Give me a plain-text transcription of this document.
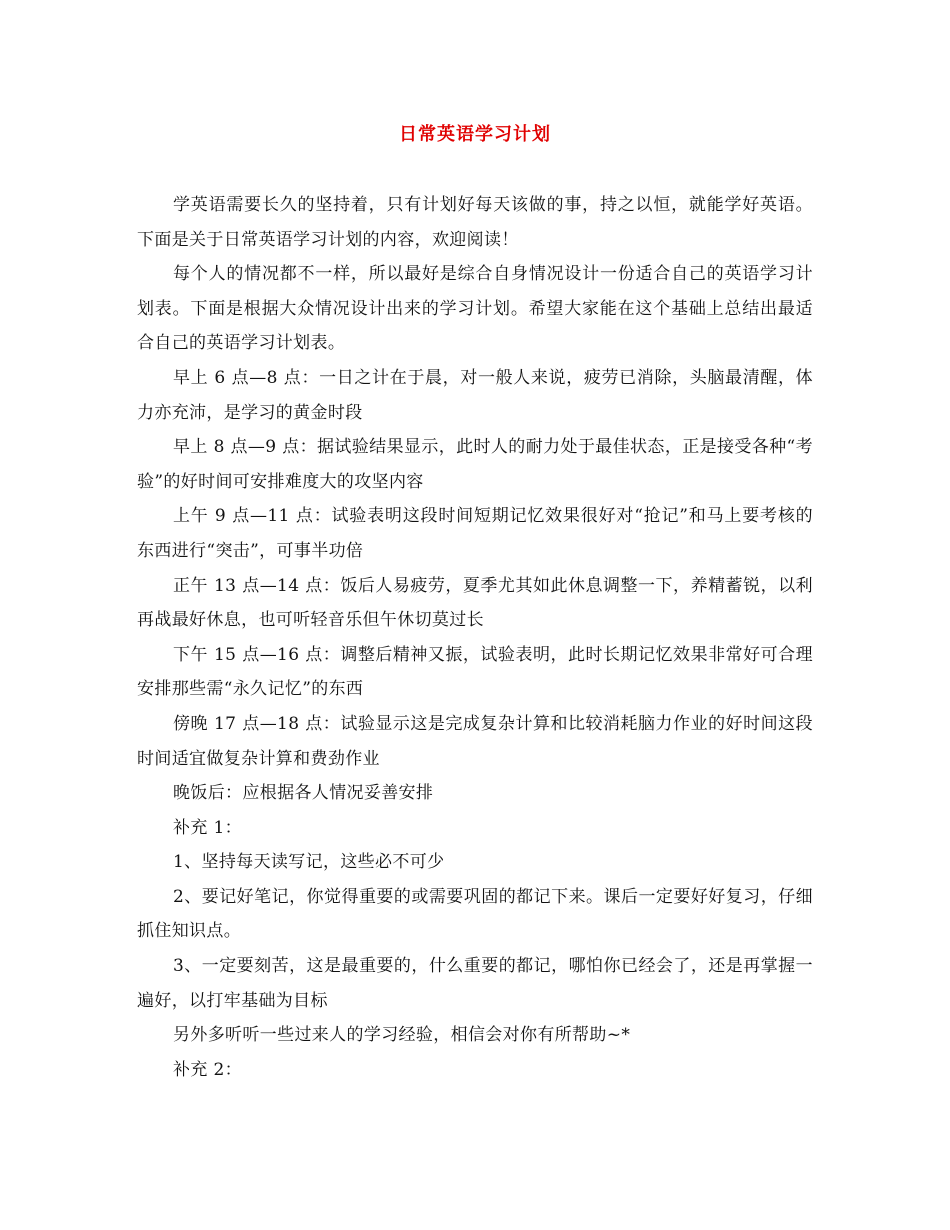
日常英语学习计划

学英语需要长久的坚持着，只有计划好每天该做的事，持之以恒，就能学好英语。下面是关于日常英语学习计划的内容，欢迎阅读！

每个人的情况都不一样，所以最好是综合自身情况设计一份适合自己的英语学习计划表。下面是根据大众情况设计出来的学习计划。希望大家能在这个基础上总结出最适合自己的英语学习计划表。

早上 6 点—8 点：一日之计在于晨，对一般人来说，疲劳已消除，头脑最清醒，体力亦充沛，是学习的黄金时段

早上 8 点—9 点：据试验结果显示，此时人的耐力处于最佳状态，正是接受各种“考验”的好时间可安排难度大的攻坚内容

上午 9 点—11 点：试验表明这段时间短期记忆效果很好对“抢记”和马上要考核的东西进行“突击”，可事半功倍

正午 13 点—14 点：饭后人易疲劳，夏季尤其如此休息调整一下，养精蓄锐，以利再战最好休息，也可听轻音乐但午休切莫过长

下午 15 点—16 点：调整后精神又振，试验表明，此时长期记忆效果非常好可合理安排那些需“永久记忆”的东西

傍晚 17 点—18 点：试验显示这是完成复杂计算和比较消耗脑力作业的好时间这段时间适宜做复杂计算和费劲作业

晚饭后：应根据各人情况妥善安排

补充 1：

1、坚持每天读写记，这些必不可少

2、要记好笔记，你觉得重要的或需要巩固的都记下来。课后一定要好好复习，仔细抓住知识点。

3、一定要刻苦，这是最重要的，什么重要的都记，哪怕你已经会了，还是再掌握一遍好，以打牢基础为目标

另外多听听一些过来人的学习经验，相信会对你有所帮助~*

补充 2：
